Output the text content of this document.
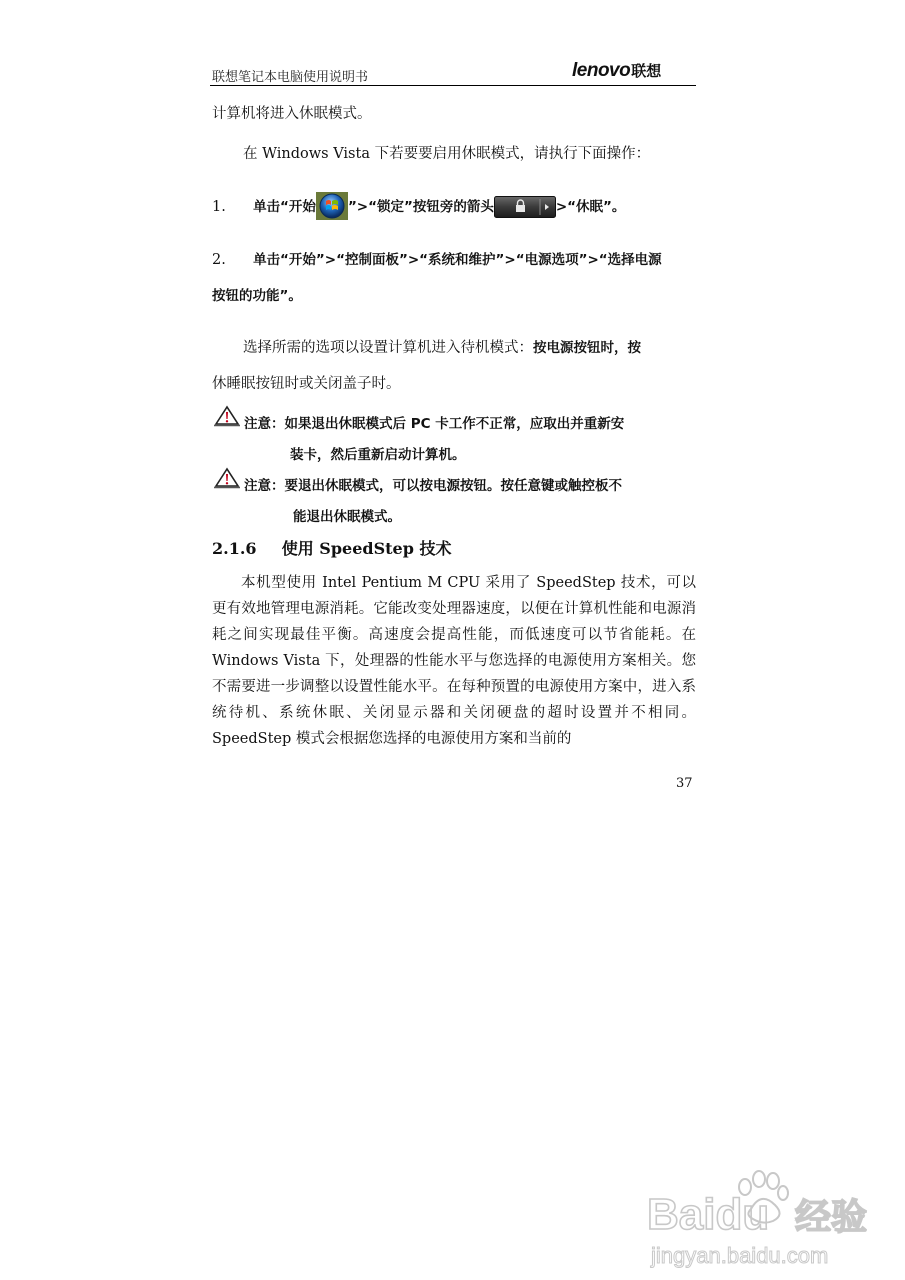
联想笔记本电脑使用说明书	lenovo联想
计算机将进入休眠模式。
在 Windows Vista 下若要要启用休眠模式，请执行下面操作：
1. 单击“开始 ”>“锁定”按钮旁的箭头	>“休眠”。
2. 单击“开始”>“控制面板”>“系统和维护”>“电源选项”>“选择电源
按钮的功能”。
选择所需的选项以设置计算机进入待机模式：按电源按钮时，按
休睡眠按钮时或关闭盖子时。
注意：如果退出休眠模式后 PC 卡工作不正常，应取出并重新安
装卡，然后重新启动计算机。
注意：要退出休眠模式，可以按电源按钮。按任意键或触控板不
能退出休眠模式。
2.1.6 使用 SpeedStep 技术
本机型使用 Intel Pentium M CPU 采用了 SpeedStep 技术，可以更有效地管理电源消耗。它能改变处理器速度，以便在计算机性能和电源消耗之间实现最佳平衡。高速度会提高性能，而低速度可以节省能耗。在 Windows Vista 下，处理器的性能水平与您选择的电源使用方案相关。您不需要进一步调整以设置性能水平。在每种预置的电源使用方案中，进入系统待机、系统休眠、关闭显示器和关闭硬盘的超时设置并不相同。SpeedStep 模式会根据您选择的电源使用方案和当前的
37
Baidu 经验
jingyan.baidu.com
